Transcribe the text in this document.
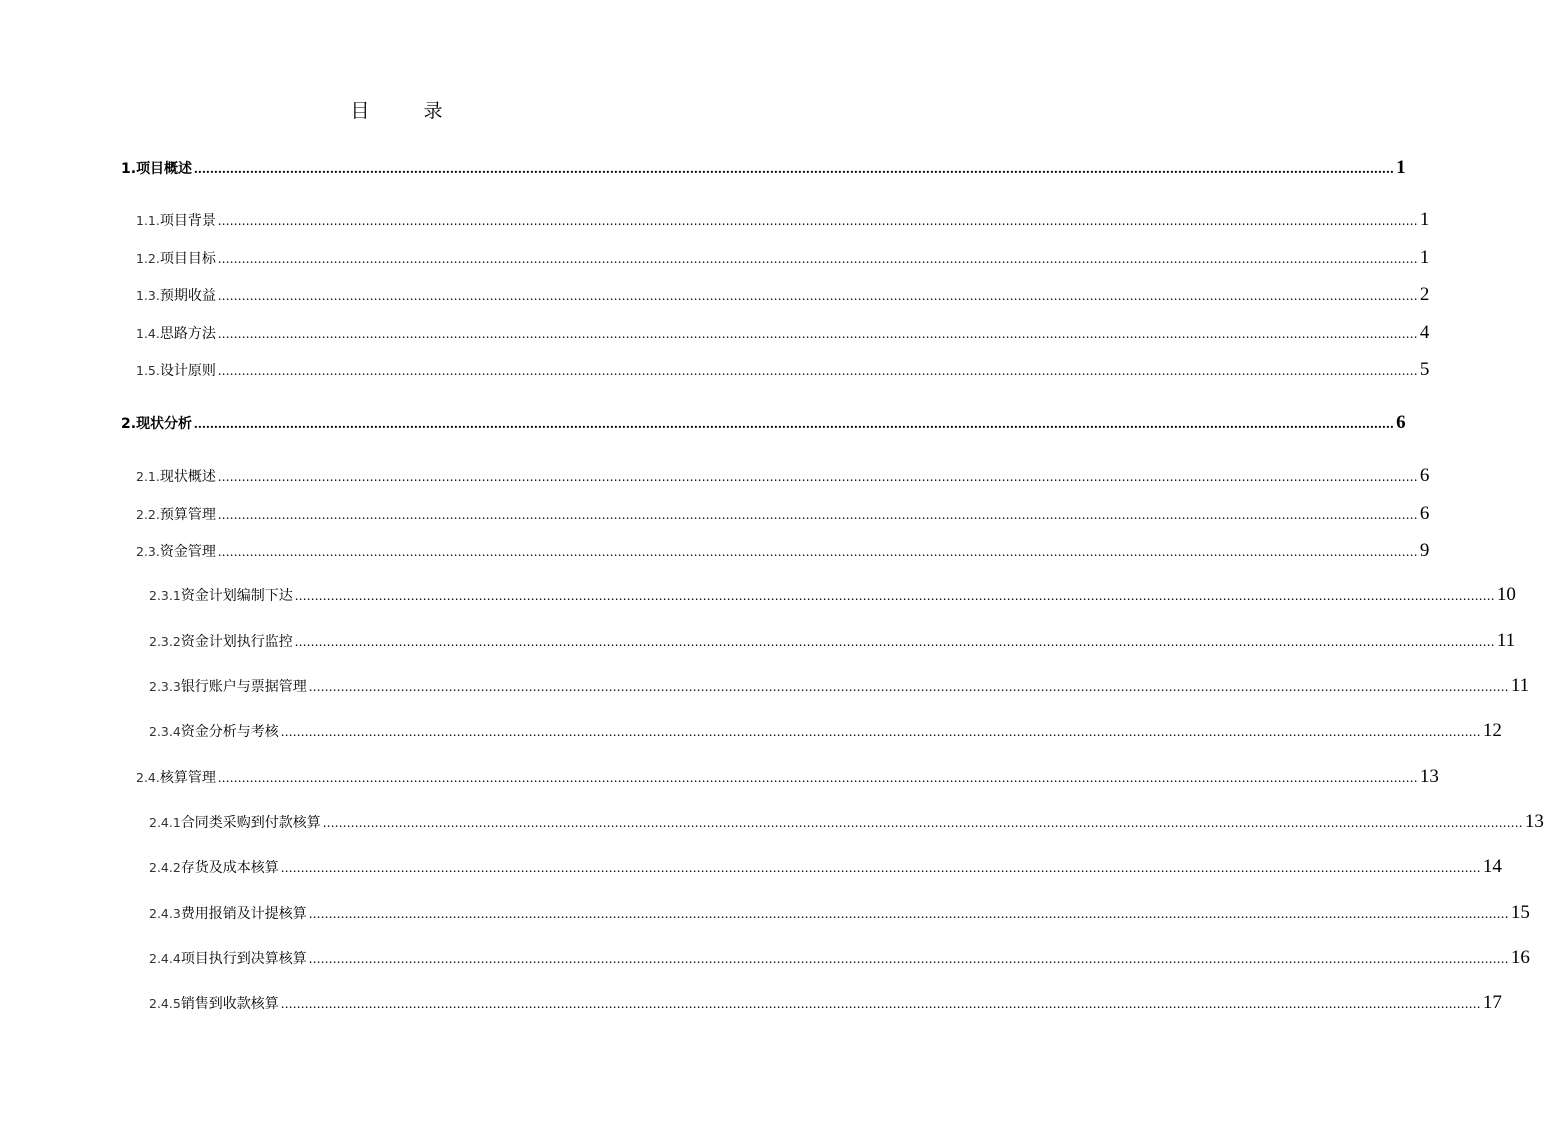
目 录
1. 项目概述 ............................................................................................................................................................................................................................................................................................................ 1
1.1. 项目背景 ............................................................................................................................................................................................................................................................................................................ 1
1.2. 项目目标 ............................................................................................................................................................................................................................................................................................................ 1
1.3. 预期收益 ............................................................................................................................................................................................................................................................................................................ 2
1.4. 思路方法 ............................................................................................................................................................................................................................................................................................................ 4
1.5. 设计原则 ............................................................................................................................................................................................................................................................................................................ 5
2. 现状分析 ............................................................................................................................................................................................................................................................................................................ 6
2.1. 现状概述 ............................................................................................................................................................................................................................................................................................................ 6
2.2. 预算管理 ............................................................................................................................................................................................................................................................................................................ 6
2.3. 资金管理 ............................................................................................................................................................................................................................................................................................................ 9
2.3.1 资金计划编制下达 ............................................................................................................................................................................................................................................................................................................ 10
2.3.2 资金计划执行监控 ............................................................................................................................................................................................................................................................................................................ 11
2.3.3 银行账户与票据管理 ............................................................................................................................................................................................................................................................................................................ 11
2.3.4 资金分析与考核 ............................................................................................................................................................................................................................................................................................................ 12
2.4. 核算管理 ............................................................................................................................................................................................................................................................................................................ 13
2.4.1 合同类采购到付款核算 ............................................................................................................................................................................................................................................................................................................ 13
2.4.2 存货及成本核算 ............................................................................................................................................................................................................................................................................................................ 14
2.4.3 费用报销及计提核算 ............................................................................................................................................................................................................................................................................................................ 15
2.4.4 项目执行到决算核算 ............................................................................................................................................................................................................................................................................................................ 16
2.4.5 销售到收款核算 ............................................................................................................................................................................................................................................................................................................ 17
